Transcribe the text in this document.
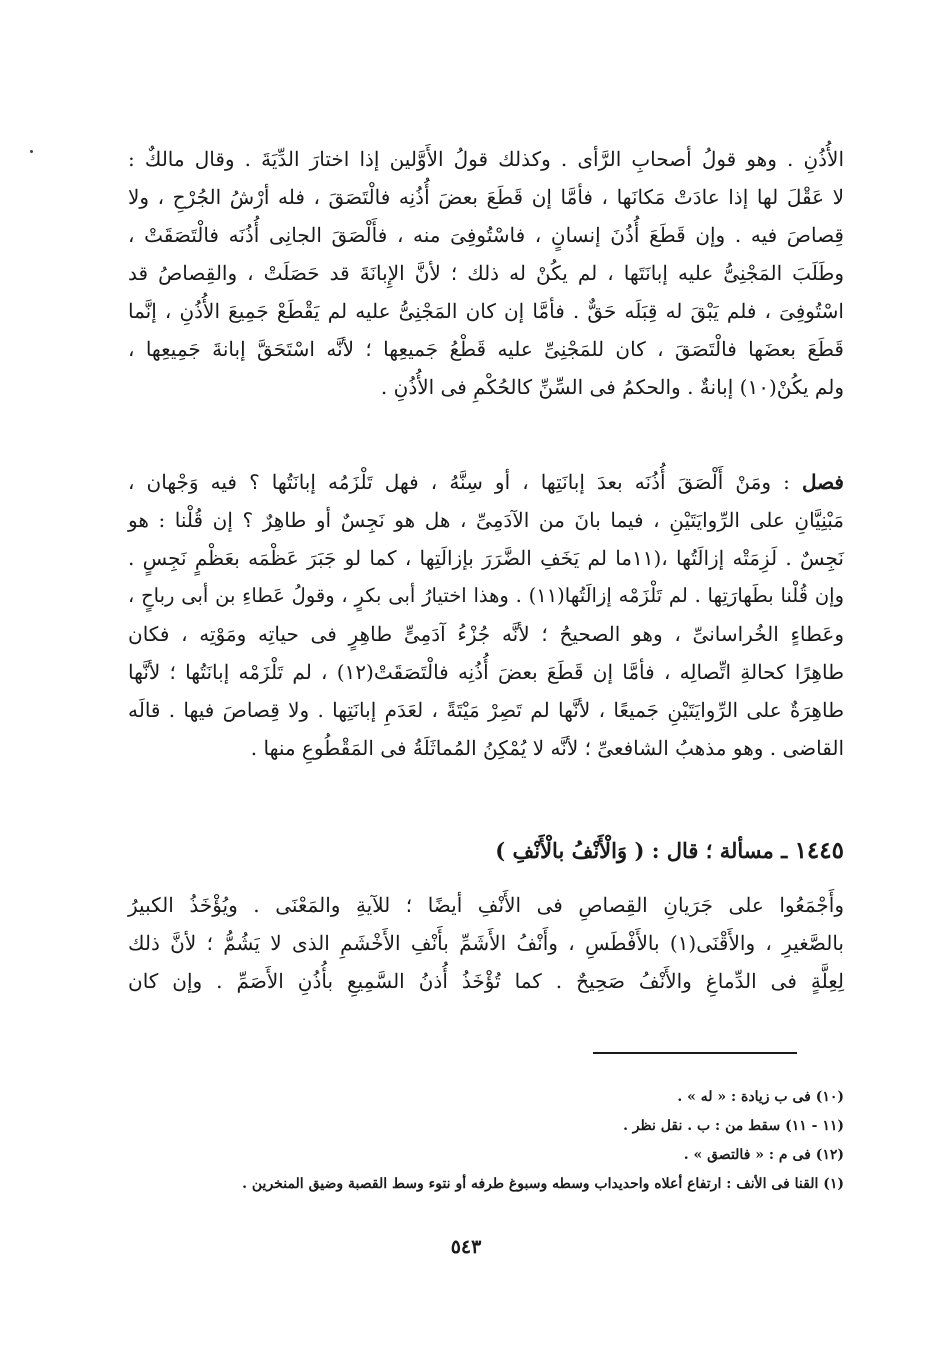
الأُذُنِ . وهو قولُ أصحابِ الرَّأى . وكذلك قولُ الأَوَّلين إذا اختارَ الدِّيَةَ . وقال مالكٌ :
لا عَقْلَ لها إذا عادَتْ مَكانَها ، فأمَّا إن قَطَعَ بعضَ أُذُنِه فالْتَصَقَ ، فله أرْشُ الجُرْحِ ، ولا
قِصاصَ فيه . وإن قَطَعَ أُذُنَ إنسانٍ ، فاسْتُوفِىَ منه ، فأَلْصَقَ الجانِى أُذُنَه فالْتَصَقَتْ ،
وطَلَبَ المَجْنِىُّ عليه إبانَتَها ، لم يكُنْ له ذلك ؛ لأنَّ الإِبانَةَ قد حَصَلَتْ ، والقِصاصُ قد
اسْتُوفِىَ ، فلم يَبْقَ له قِبَلَه حَقٌّ . فأمَّا إن كان المَجْنِىُّ عليه لم يَقْطَعْ جَمِيعَ الأُذُنِ ، إنَّما
قَطَعَ بعضَها فالْتَصَقَ ، كان للمَجْنِىِّ عليه قَطْعُ جَميعِها ؛ لأنَّه اسْتَحَقَّ إبانةَ جَمِيعِها ،
ولم يكُنْ(١٠) إبانةٌ . والحكمُ فى السِّنِّ كالحُكْمِ فى الأُذُنِ .
فصل : ومَنْ أَلْصَقَ أُذُنَه بعدَ إبانَتِها ، أو سِنَّهُ ، فهل تَلْزَمُه إبانَتُها ؟ فيه وَجْهان ،
مَبْنِيَّانِ على الرِّوايَتَيْنِ ، فيما بانَ من الآدَمِىِّ ، هل هو نَجِسٌ أو طاهِرٌ ؟ إن قُلْنا : هو
نَجِسٌ . لَزِمَتْه إزالَتُها ،(١١ما لم يَخَفِ الضَّرَرَ بإزالَتِها ، كما لو جَبَرَ عَظْمَه بعَظْمٍ نَجِسٍ .
وإن قُلْنا بطَهارَتِها . لم تَلْزَمْه إزالَتُها(١١) . وهذا اختيارُ أبى بكرٍ ، وقولُ عَطاءِ بن أبى رباحٍ ،
وعَطاءٍ الخُراسانىِّ ، وهو الصحيحُ ؛ لأنَّه جُزْءُ آدَمِىٍّ طاهِرٍ فى حياتِه ومَوْتِه ، فكان
طاهِرًا كحالةِ اتِّصالِه ، فأمَّا إن قَطَعَ بعضَ أُذُنِه فالْتَصَقَتْ(١٢) ، لم تَلْزَمْه إبانَتُها ؛ لأنَّها
طاهِرَةٌ على الرِّوايَتَيْنِ جَميعًا ، لأنَّها لم تَصِرْ مَيْتَةً ، لعَدَمِ إبانَتِها . ولا قِصاصَ فيها . قالَه
القاضى . وهو مذهبُ الشافعىِّ ؛ لأنَّه لا يُمْكِنُ المُماثَلَةُ فى المَقْطُوعِ منها .
١٤٤٥ ـ مسألة ؛ قال : ( وَالْأَنْفُ بالْأَنْفِ )
وأَجْمَعُوا على جَرَيانِ القِصاصِ فى الأَنْفِ أيضًا ؛ للآيةِ والمَعْنَى . ويُؤْخَذُ الكبيرُ
بالصَّغيرِ ، والأَقْنَى(١) بالأَفْطَسِ ، وأَنْفُ الأَشَمِّ بأَنْفِ الأَخْشَمِ الذى لا يَشُمُّ ؛ لأنَّ ذلك
لِعِلَّةٍ فى الدِّماغِ والأَنْفُ صَحِيحٌ . كما تُؤْخَذُ أُذنُ السَّمِيعِ بأُذُنِ الأَصَمِّ . وإن كان
(١٠) فى ب زيادة : « له » .
(١١ - ١١) سقط من : ب . نقل نظر .
(١٢) فى م : « فالتصق » .
(١) القنا فى الأنف : ارتفاع أعلاه واحديداب وسطه وسبوغ طرفه أو نتوء وسط القصبة وضيق المنخرين .
٥٤٣
